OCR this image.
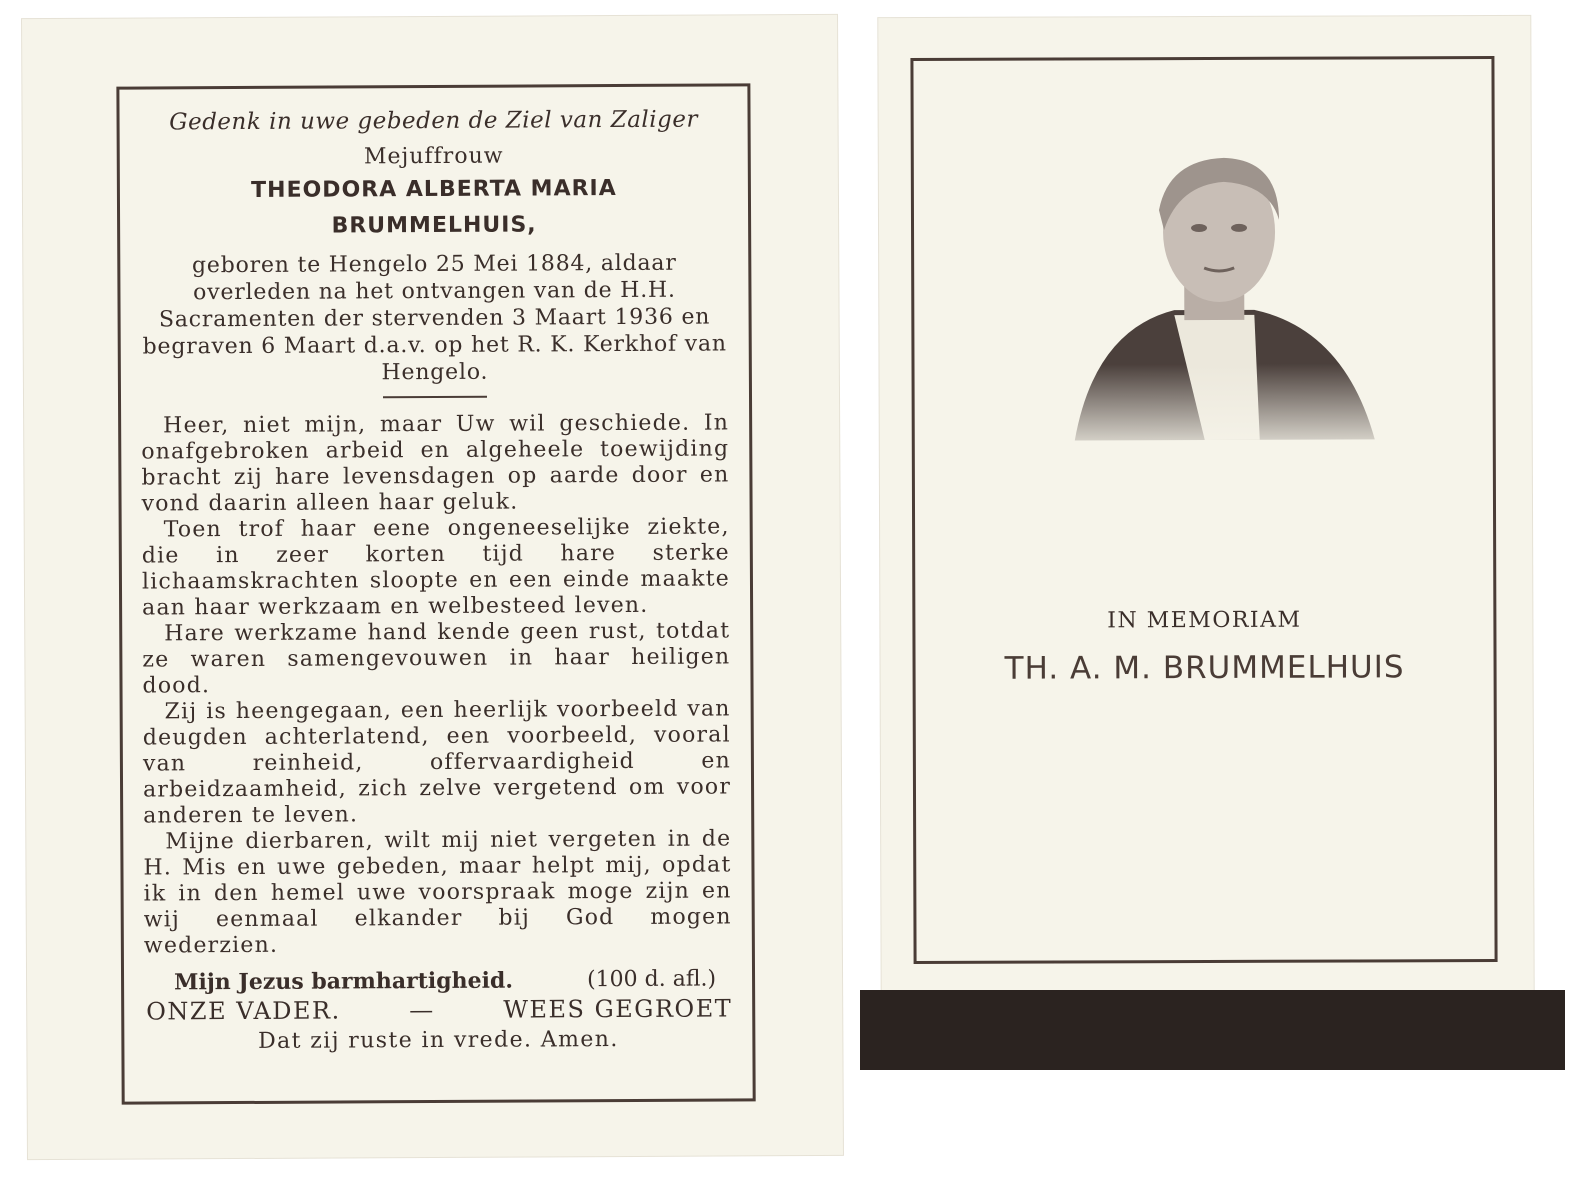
Gedenk in uwe gebeden de Ziel van Zaliger
Mejuffrouw
THEODORA ALBERTA MARIA
BRUMMELHUIS,
geboren te Hengelo 25 Mei 1884, aldaar overleden na het ontvangen van de H.H. Sacramenten der stervenden 3 Maart 1936 en begraven 6 Maart d.a.v. op het R. K. Kerkhof van Hengelo.

Heer, niet mijn, maar Uw wil geschiede. In onafgebroken arbeid en algeheele toewijding bracht zij hare levensdagen op aarde door en vond daarin alleen haar geluk.

Toen trof haar eene ongeneeselijke ziekte, die in zeer korten tijd hare sterke lichaamskrachten sloopte en een einde maakte aan haar werkzaam en welbesteed leven.

Hare werkzame hand kende geen rust, totdat ze waren samengevouwen in haar heiligen dood.

Zij is heengegaan, een heerlijk voorbeeld van deugden achterlatend, een voorbeeld, vooral van reinheid, offervaardigheid en arbeidzaamheid, zich zelve vergetend om voor anderen te leven.

Mijne dierbaren, wilt mij niet vergeten in de H. Mis en uwe gebeden, maar helpt mij, opdat ik in den hemel uwe voorspraak moge zijn en wij eenmaal elkander bij God mogen wederzien.

Mijn Jezus barmhartigheid.	(100 d. afl.)
ONZE VADER.	—	WEES GEGROET
Dat zij ruste in vrede. Amen.
IN MEMORIAM
TH. A. M. BRUMMELHUIS
